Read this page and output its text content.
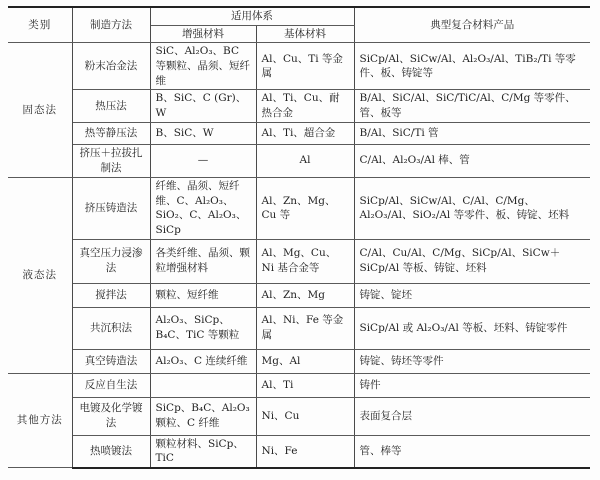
类别	制造方法	适用体系		典型复合材料产品
		增强材料	基体材料	
固态法	粉末冶金法	SiC、Al₂O₃、BC 等颗粒、晶须、短纤维	Al、Cu、Ti 等金属	SiCp/Al、SiCw/Al、Al₂O₃/Al、TiB₂/Ti 等零件、板、铸锭等
	热压法	B、SiC、C (Gr)、W	Al、Ti、Cu、耐热合金	B/Al、SiC/Al、SiC/TiC/Al、C/Mg 等零件、管、板等
	热等静压法	B、SiC、W	Al、Ti、超合金	B/Al、SiC/Ti 管
	挤压＋拉拔扎制法	—	Al	C/Al、Al₂O₃/Al 棒、管
液态法	挤压铸造法	纤维、晶须、短纤维、C、Al₂O₃、SiO₂、C、Al₂O₃、SiCp	Al、Zn、Mg、Cu 等	SiCp/Al、SiCw/Al、C/Al、C/Mg、Al₂O₃/Al、SiO₂/Al 等零件、板、铸锭、坯料
	真空压力浸渗法	各类纤维、晶须、颗粒增强材料	Al、Mg、Cu、Ni 基合金等	C/Al、Cu/Al、C/Mg、SiCp/Al、SiCw＋SiCp/Al 等板、铸锭、坯料
	搅拌法	颗粒、短纤维	Al、Zn、Mg	铸锭、锭坯
	共沉积法	Al₂O₃、SiCp、B₄C、TiC 等颗粒	Al、Ni、Fe 等金属	SiCp/Al 或 Al₂O₃/Al 等板、坯料、铸锭零件
	真空铸造法	Al₂O₃、C 连续纤维	Mg、Al	铸锭、铸坯等零件
其他方法	反应自生法		Al、Ti	铸件
	电镀及化学镀法	SiCp、B₄C、Al₂O₃ 颗粒、C 纤维	Ni、Cu	表面复合层
	热喷镀法	颗粒材料、SiCp、TiC	Ni、Fe	管、棒等
